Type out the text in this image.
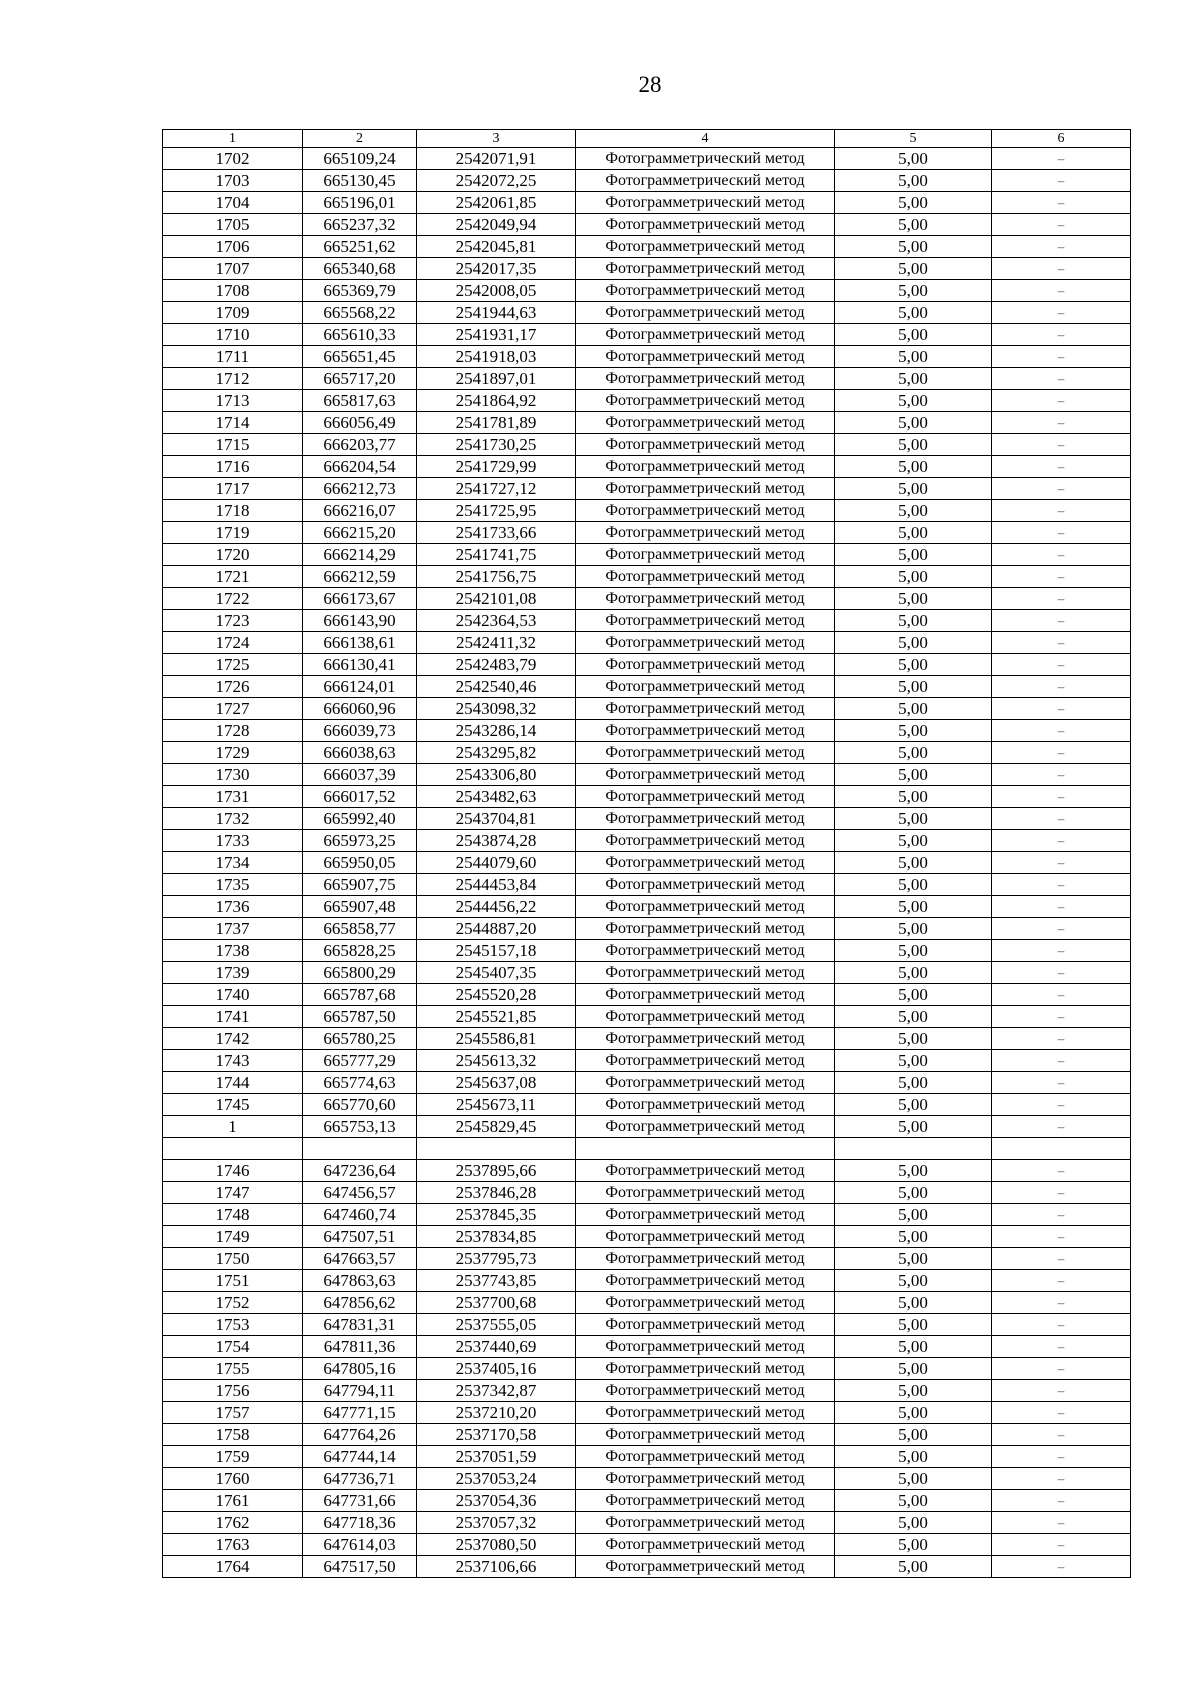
28
1	2	3	4	5	6
1702	665109,24	2542071,91	Фотограмметрический метод	5,00	–
1703	665130,45	2542072,25	Фотограмметрический метод	5,00	–
1704	665196,01	2542061,85	Фотограмметрический метод	5,00	–
1705	665237,32	2542049,94	Фотограмметрический метод	5,00	–
1706	665251,62	2542045,81	Фотограмметрический метод	5,00	–
1707	665340,68	2542017,35	Фотограмметрический метод	5,00	–
1708	665369,79	2542008,05	Фотограмметрический метод	5,00	–
1709	665568,22	2541944,63	Фотограмметрический метод	5,00	–
1710	665610,33	2541931,17	Фотограмметрический метод	5,00	–
1711	665651,45	2541918,03	Фотограмметрический метод	5,00	–
1712	665717,20	2541897,01	Фотограмметрический метод	5,00	–
1713	665817,63	2541864,92	Фотограмметрический метод	5,00	–
1714	666056,49	2541781,89	Фотограмметрический метод	5,00	–
1715	666203,77	2541730,25	Фотограмметрический метод	5,00	–
1716	666204,54	2541729,99	Фотограмметрический метод	5,00	–
1717	666212,73	2541727,12	Фотограмметрический метод	5,00	–
1718	666216,07	2541725,95	Фотограмметрический метод	5,00	–
1719	666215,20	2541733,66	Фотограмметрический метод	5,00	–
1720	666214,29	2541741,75	Фотограмметрический метод	5,00	–
1721	666212,59	2541756,75	Фотограмметрический метод	5,00	–
1722	666173,67	2542101,08	Фотограмметрический метод	5,00	–
1723	666143,90	2542364,53	Фотограмметрический метод	5,00	–
1724	666138,61	2542411,32	Фотограмметрический метод	5,00	–
1725	666130,41	2542483,79	Фотограмметрический метод	5,00	–
1726	666124,01	2542540,46	Фотограмметрический метод	5,00	–
1727	666060,96	2543098,32	Фотограмметрический метод	5,00	–
1728	666039,73	2543286,14	Фотограмметрический метод	5,00	–
1729	666038,63	2543295,82	Фотограмметрический метод	5,00	–
1730	666037,39	2543306,80	Фотограмметрический метод	5,00	–
1731	666017,52	2543482,63	Фотограмметрический метод	5,00	–
1732	665992,40	2543704,81	Фотограмметрический метод	5,00	–
1733	665973,25	2543874,28	Фотограмметрический метод	5,00	–
1734	665950,05	2544079,60	Фотограмметрический метод	5,00	–
1735	665907,75	2544453,84	Фотограмметрический метод	5,00	–
1736	665907,48	2544456,22	Фотограмметрический метод	5,00	–
1737	665858,77	2544887,20	Фотограмметрический метод	5,00	–
1738	665828,25	2545157,18	Фотограмметрический метод	5,00	–
1739	665800,29	2545407,35	Фотограмметрический метод	5,00	–
1740	665787,68	2545520,28	Фотограмметрический метод	5,00	–
1741	665787,50	2545521,85	Фотограмметрический метод	5,00	–
1742	665780,25	2545586,81	Фотограмметрический метод	5,00	–
1743	665777,29	2545613,32	Фотограмметрический метод	5,00	–
1744	665774,63	2545637,08	Фотограмметрический метод	5,00	–
1745	665770,60	2545673,11	Фотограмметрический метод	5,00	–
1	665753,13	2545829,45	Фотограмметрический метод	5,00	–

1746	647236,64	2537895,66	Фотограмметрический метод	5,00	–
1747	647456,57	2537846,28	Фотограмметрический метод	5,00	–
1748	647460,74	2537845,35	Фотограмметрический метод	5,00	–
1749	647507,51	2537834,85	Фотограмметрический метод	5,00	–
1750	647663,57	2537795,73	Фотограмметрический метод	5,00	–
1751	647863,63	2537743,85	Фотограмметрический метод	5,00	–
1752	647856,62	2537700,68	Фотограмметрический метод	5,00	–
1753	647831,31	2537555,05	Фотограмметрический метод	5,00	–
1754	647811,36	2537440,69	Фотограмметрический метод	5,00	–
1755	647805,16	2537405,16	Фотограмметрический метод	5,00	–
1756	647794,11	2537342,87	Фотограмметрический метод	5,00	–
1757	647771,15	2537210,20	Фотограмметрический метод	5,00	–
1758	647764,26	2537170,58	Фотограмметрический метод	5,00	–
1759	647744,14	2537051,59	Фотограмметрический метод	5,00	–
1760	647736,71	2537053,24	Фотограмметрический метод	5,00	–
1761	647731,66	2537054,36	Фотограмметрический метод	5,00	–
1762	647718,36	2537057,32	Фотограмметрический метод	5,00	–
1763	647614,03	2537080,50	Фотограмметрический метод	5,00	–
1764	647517,50	2537106,66	Фотограмметрический метод	5,00	–
